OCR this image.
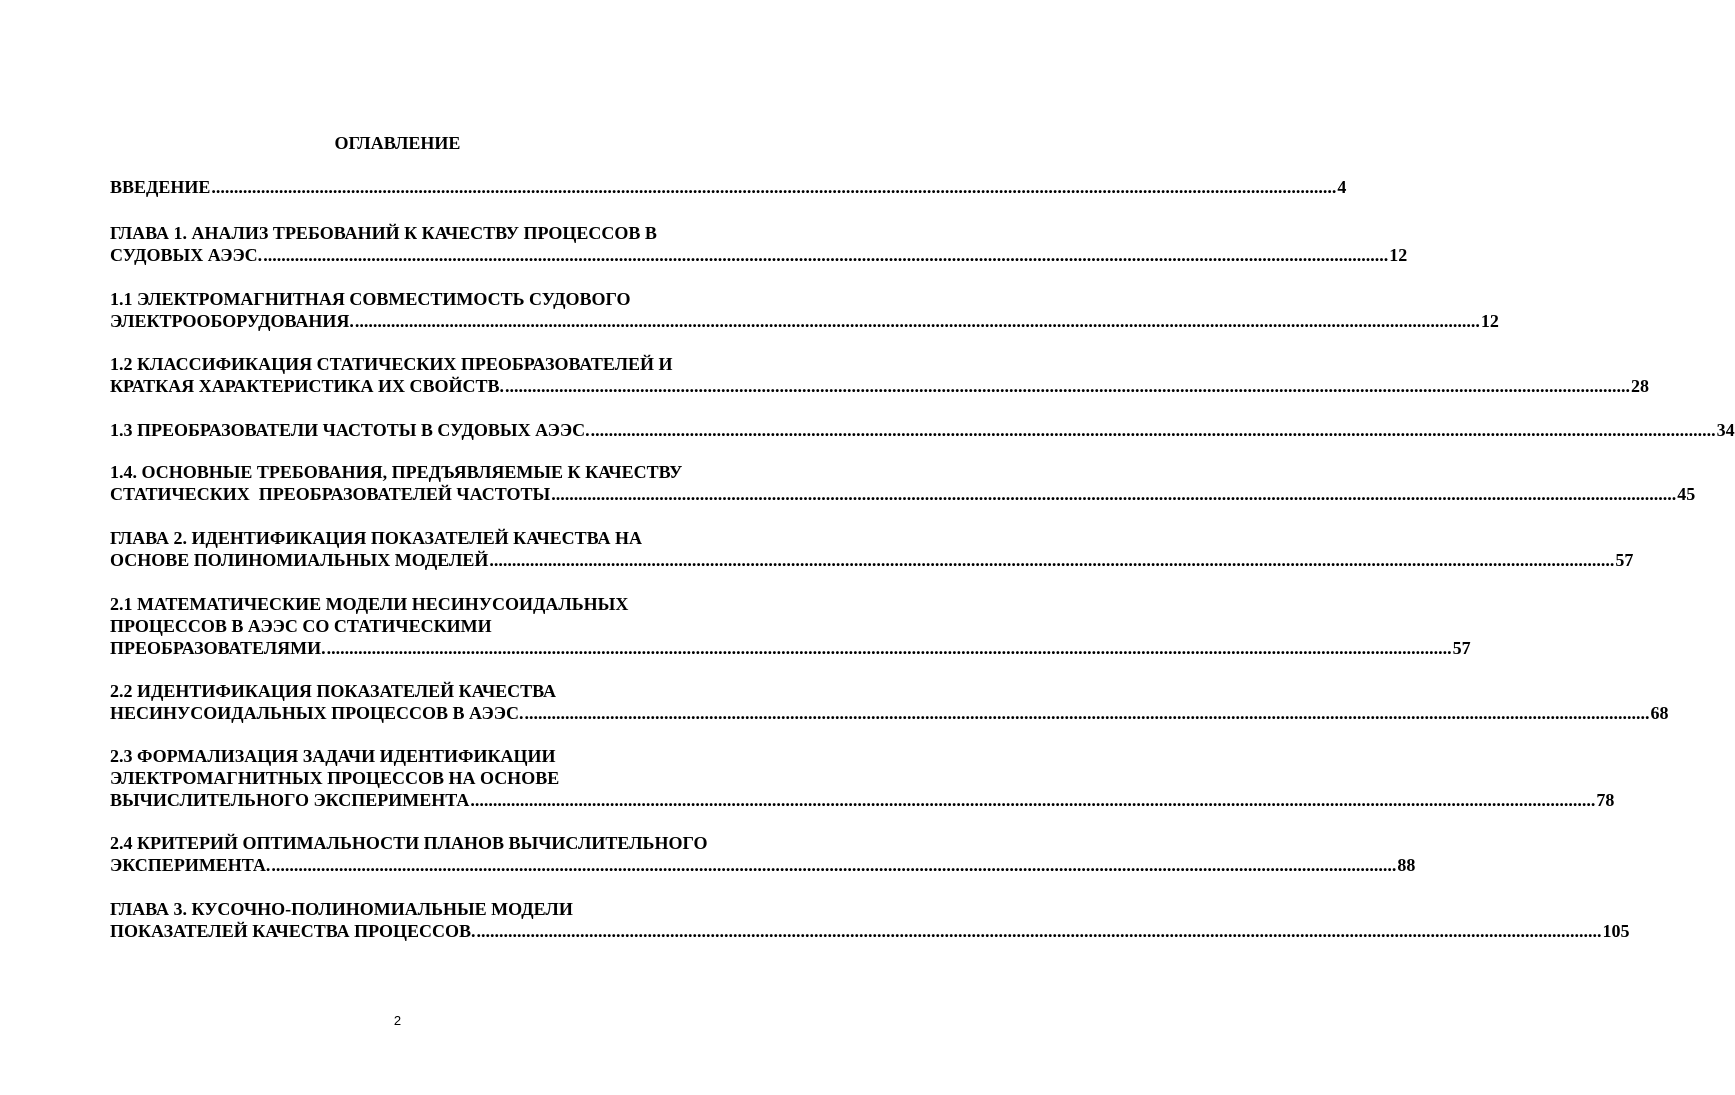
ОГЛАВЛЕНИЕ
ВВЕДЕНИЕ .......................................................................................................................................................................................................................................................... 4
ГЛАВА 1. АНАЛИЗ ТРЕБОВАНИЙ К КАЧЕСТВУ ПРОЦЕССОВ В
СУДОВЫХ АЭЭС. .......................................................................................................................................................................................................................................................... 12
1.1 ЭЛЕКТРОМАГНИТНАЯ СОВМЕСТИМОСТЬ СУДОВОГО
ЭЛЕКТРООБОРУДОВАНИЯ. .......................................................................................................................................................................................................................................................... 12
1.2 КЛАССИФИКАЦИЯ СТАТИЧЕСКИХ ПРЕОБРАЗОВАТЕЛЕЙ И
КРАТКАЯ ХАРАКТЕРИСТИКА ИХ СВОЙСТВ. .......................................................................................................................................................................................................................................................... 28
1.3 ПРЕОБРАЗОВАТЕЛИ ЧАСТОТЫ В СУДОВЫХ АЭЭС. .......................................................................................................................................................................................................................................................... 34
1.4. ОСНОВНЫЕ ТРЕБОВАНИЯ, ПРЕДЪЯВЛЯЕМЫЕ К КАЧЕСТВУ
СТАТИЧЕСКИХ  ПРЕОБРАЗОВАТЕЛЕЙ ЧАСТОТЫ .......................................................................................................................................................................................................................................................... 45
ГЛАВА 2. ИДЕНТИФИКАЦИЯ ПОКАЗАТЕЛЕЙ КАЧЕСТВА НА
ОСНОВЕ ПОЛИНОМИАЛЬНЫХ МОДЕЛЕЙ .......................................................................................................................................................................................................................................................... 57
2.1 МАТЕМАТИЧЕСКИЕ МОДЕЛИ НЕСИНУСОИДАЛЬНЫХ
ПРОЦЕССОВ В АЭЭС СО СТАТИЧЕСКИМИ
ПРЕОБРАЗОВАТЕЛЯМИ. .......................................................................................................................................................................................................................................................... 57
2.2 ИДЕНТИФИКАЦИЯ ПОКАЗАТЕЛЕЙ КАЧЕСТВА
НЕСИНУСОИДАЛЬНЫХ ПРОЦЕССОВ В АЭЭС. .......................................................................................................................................................................................................................................................... 68
2.3 ФОРМАЛИЗАЦИЯ ЗАДАЧИ ИДЕНТИФИКАЦИИ
ЭЛЕКТРОМАГНИТНЫХ ПРОЦЕССОВ НА ОСНОВЕ
ВЫЧИСЛИТЕЛЬНОГО ЭКСПЕРИМЕНТА .......................................................................................................................................................................................................................................................... 78
2.4 КРИТЕРИЙ ОПТИМАЛЬНОСТИ ПЛАНОВ ВЫЧИСЛИТЕЛЬНОГО
ЭКСПЕРИМЕНТА. .......................................................................................................................................................................................................................................................... 88
ГЛАВА 3. КУСОЧНО-ПОЛИНОМИАЛЬНЫЕ МОДЕЛИ
ПОКАЗАТЕЛЕЙ КАЧЕСТВА ПРОЦЕССОВ. .......................................................................................................................................................................................................................................................... 105
2
